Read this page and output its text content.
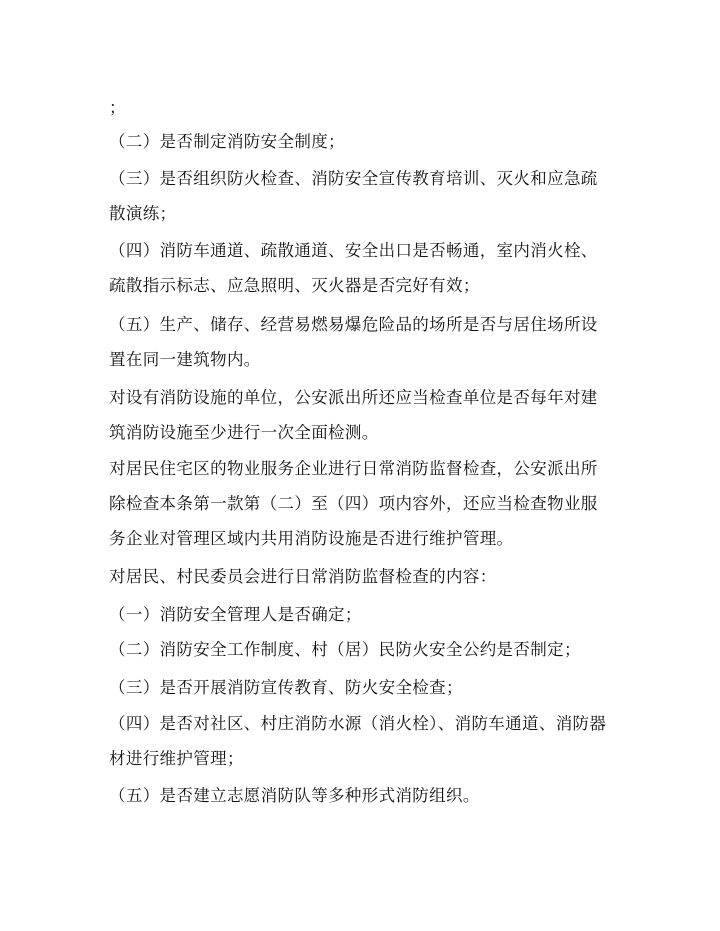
；

（二）是否制定消防安全制度；

（三）是否组织防火检查、消防安全宣传教育培训、灭火和应急疏散演练；

（四）消防车通道、疏散通道、安全出口是否畅通，室内消火栓、疏散指示标志、应急照明、灭火器是否完好有效；

（五）生产、储存、经营易燃易爆危险品的场所是否与居住场所设置在同一建筑物内。

对设有消防设施的单位，公安派出所还应当检查单位是否每年对建筑消防设施至少进行一次全面检测。

对居民住宅区的物业服务企业进行日常消防监督检查，公安派出所除检查本条第一款第（二）至（四）项内容外，还应当检查物业服务企业对管理区域内共用消防设施是否进行维护管理。

对居民、村民委员会进行日常消防监督检查的内容：

（一）消防安全管理人是否确定；

（二）消防安全工作制度、村（居）民防火安全公约是否制定；

（三）是否开展消防宣传教育、防火安全检查；

（四）是否对社区、村庄消防水源（消火栓）、消防车通道、消防器材进行维护管理；

（五）是否建立志愿消防队等多种形式消防组织。
